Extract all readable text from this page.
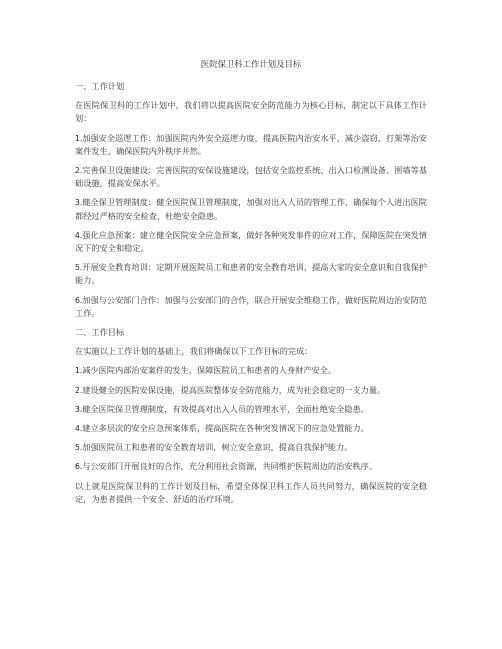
医院保卫科工作计划及目标
一、工作计划
在医院保卫科的工作计划中，我们将以提高医院安全防范能力为核心目标，制定以下具体工作计划：
1.加强安全巡逻工作：加强医院内外安全巡逻力度，提高医院内治安水平，减少盗窃、打架等治安案件发生，确保医院内外秩序井然。
2.完善保卫设施建设：完善医院的安保设施建设，包括安全监控系统、出入口检测设备、围墙等基础设施，提高安保水平。
3.健全保卫管理制度：健全医院保卫管理制度，加强对出入人员的管理工作，确保每个人进出医院都经过严格的安全检查，杜绝安全隐患。
4.强化应急预案：建立健全医院安全应急预案，做好各种突发事件的应对工作，保障医院在突发情况下的安全和稳定。
5.开展安全教育培训：定期开展医院员工和患者的安全教育培训，提高大家的安全意识和自我保护能力。
6.加强与公安部门合作：加强与公安部门的合作，联合开展安全维稳工作，做好医院周边治安防范工作。
二、工作目标
在实施以上工作计划的基础上，我们将确保以下工作目标的完成：
1.减少医院内部治安案件的发生，保障医院员工和患者的人身财产安全。
2.建设健全的医院安保设施，提高医院整体安全防范能力，成为社会稳定的一支力量。
3.健全医院保卫管理制度，有效提高对出入人员的管理水平，全面杜绝安全隐患。
4.建立多层次的安全应急预案体系，提高医院在各种突发情况下的应急处置能力。
5.加强医院员工和患者的安全教育培训，树立安全意识，提高自我保护能力。
6.与公安部门开展良好的合作，充分利用社会资源，共同维护医院周边的治安秩序。
以上就是医院保卫科的工作计划及目标，希望全体保卫科工作人员共同努力，确保医院的安全稳定，为患者提供一个安全、舒适的治疗环境。
